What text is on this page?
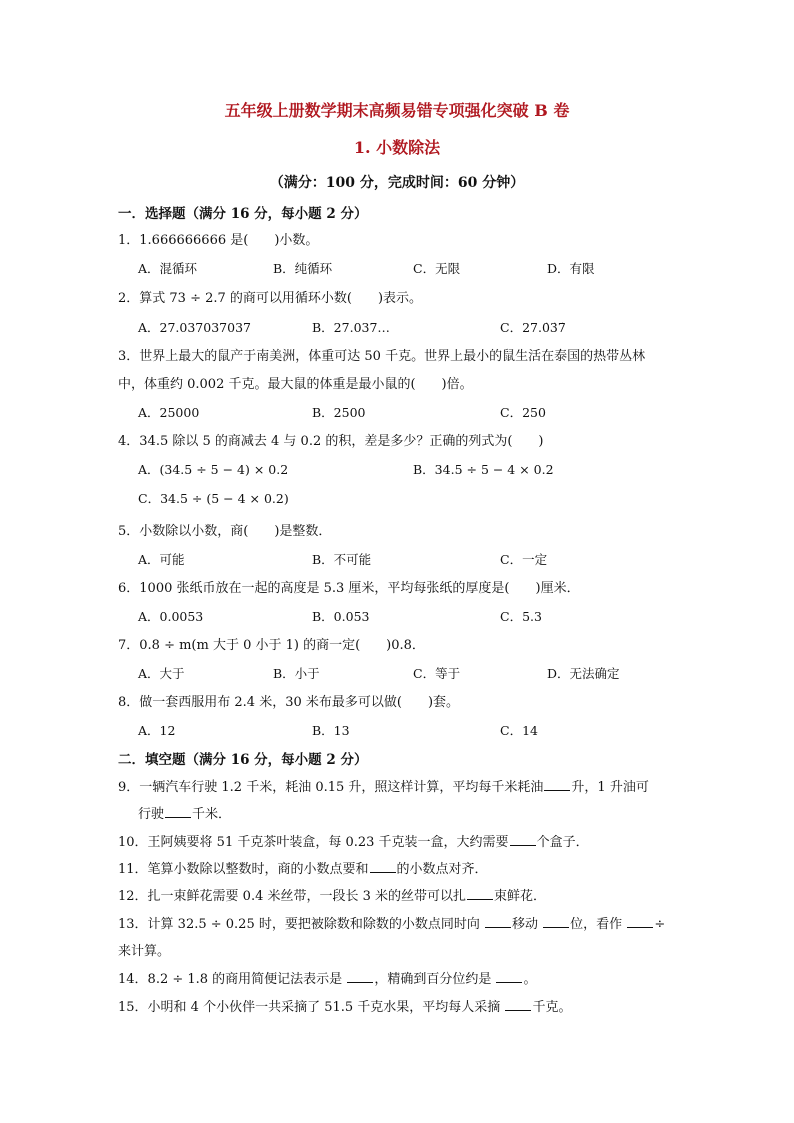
五年级上册数学期末高频易错专项强化突破 B 卷
1. 小数除法
（满分：100 分，完成时间：60 分钟）
一．选择题（满分 16 分，每小题 2 分）
1．1.666666666 是(　　)小数。
A．混循环	B．纯循环	C．无限	D．有限
2．算式 73 ÷ 2.7 的商可以用循环小数(　　)表示。
A．27.037037037	B．27.037…	C．27.0̇3̇7̇
3．世界上最大的鼠产于南美洲，体重可达 50 千克。世界上最小的鼠生活在泰国的热带丛林
中，体重约 0.002 千克。最大鼠的体重是最小鼠的(　　)倍。
A．25000	B．2500	C．250
4．34.5 除以 5 的商减去 4 与 0.2 的积，差是多少？正确的列式为(　　)
A．(34.5 ÷ 5 − 4) × 0.2	B．34.5 ÷ 5 − 4 × 0.2
C．34.5 ÷ (5 − 4 × 0.2)
5．小数除以小数，商(　　)是整数．
A．可能	B．不可能	C．一定
6．1000 张纸币放在一起的高度是 5.3 厘米，平均每张纸的厚度是(　　)厘米．
A．0.0053	B．0.053	C．5.3
7．0.8 ÷ m(m 大于 0 小于 1) 的商一定(　　)0.8．
A．大于	B．小于	C．等于	D．无法确定
8．做一套西服用布 2.4 米，30 米布最多可以做(　　)套。
A．12	B．13	C．14
二．填空题（满分 16 分，每小题 2 分）
9．一辆汽车行驶 1.2 千米，耗油 0.15 升，照这样计算，平均每千米耗油 升，1 升油可
行驶 千米．
10．王阿姨要将 51 千克茶叶装盒，每 0.23 千克装一盒，大约需要 个盒子．
11．笔算小数除以整数时，商的小数点要和 的小数点对齐．
12．扎一束鲜花需要 0.4 米丝带，一段长 3 米的丝带可以扎 束鲜花．
13．计算 32.5 ÷ 0.25 时，要把被除数和除数的小数点同时向 移动 位，看作 ÷
来计算。
14．8.2 ÷ 1.8 的商用简便记法表示是 ，精确到百分位约是 。
15．小明和 4 个小伙伴一共采摘了 51.5 千克水果，平均每人采摘 千克。
